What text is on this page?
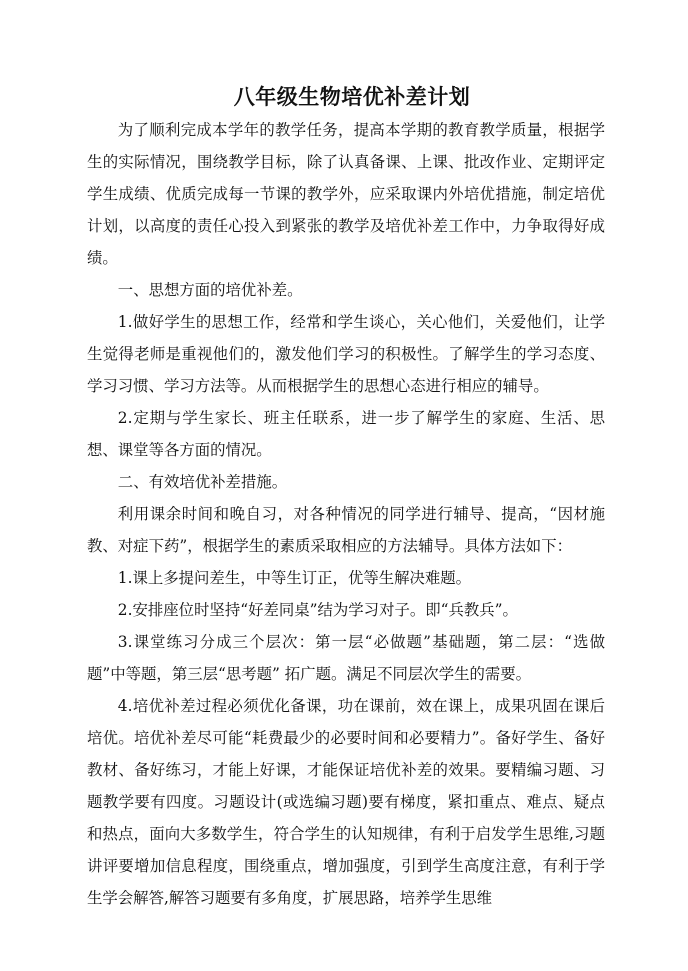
八年级生物培优补差计划

为了顺利完成本学年的教学任务，提高本学期的教育教学质量，根据学生的实际情况，围绕教学目标，除了认真备课、上课、批改作业、定期评定学生成绩、优质完成每一节课的教学外，应采取课内外培优措施，制定培优计划，以高度的责任心投入到紧张的教学及培优补差工作中，力争取得好成绩。

一、思想方面的培优补差。

1.做好学生的思想工作，经常和学生谈心，关心他们，关爱他们，让学生觉得老师是重视他们的，激发他们学习的积极性。了解学生的学习态度、学习习惯、学习方法等。从而根据学生的思想心态进行相应的辅导。

2.定期与学生家长、班主任联系，进一步了解学生的家庭、生活、思想、课堂等各方面的情况。

二、有效培优补差措施。

利用课余时间和晚自习，对各种情况的同学进行辅导、提高，“因材施教、对症下药”，根据学生的素质采取相应的方法辅导。具体方法如下：

1.课上多提问差生，中等生订正，优等生解决难题。

2.安排座位时坚持“好差同桌”结为学习对子。即“兵教兵”。

3.课堂练习分成三个层次：第一层“必做题”基础题，第二层：“选做题”中等题，第三层“思考题” 拓广题。满足不同层次学生的需要。

4.培优补差过程必须优化备课，功在课前，效在课上，成果巩固在课后培优。培优补差尽可能“耗费最少的必要时间和必要精力”。备好学生、备好教材、备好练习，才能上好课，才能保证培优补差的效果。要精编习题、习题教学要有四度。习题设计(或选编习题)要有梯度，紧扣重点、难点、疑点和热点，面向大多数学生，符合学生的认知规律，有利于启发学生思维,习题讲评要增加信息程度，围绕重点，增加强度，引到学生高度注意，有利于学生学会解答,解答习题要有多角度，扩展思路，培养学生思维
